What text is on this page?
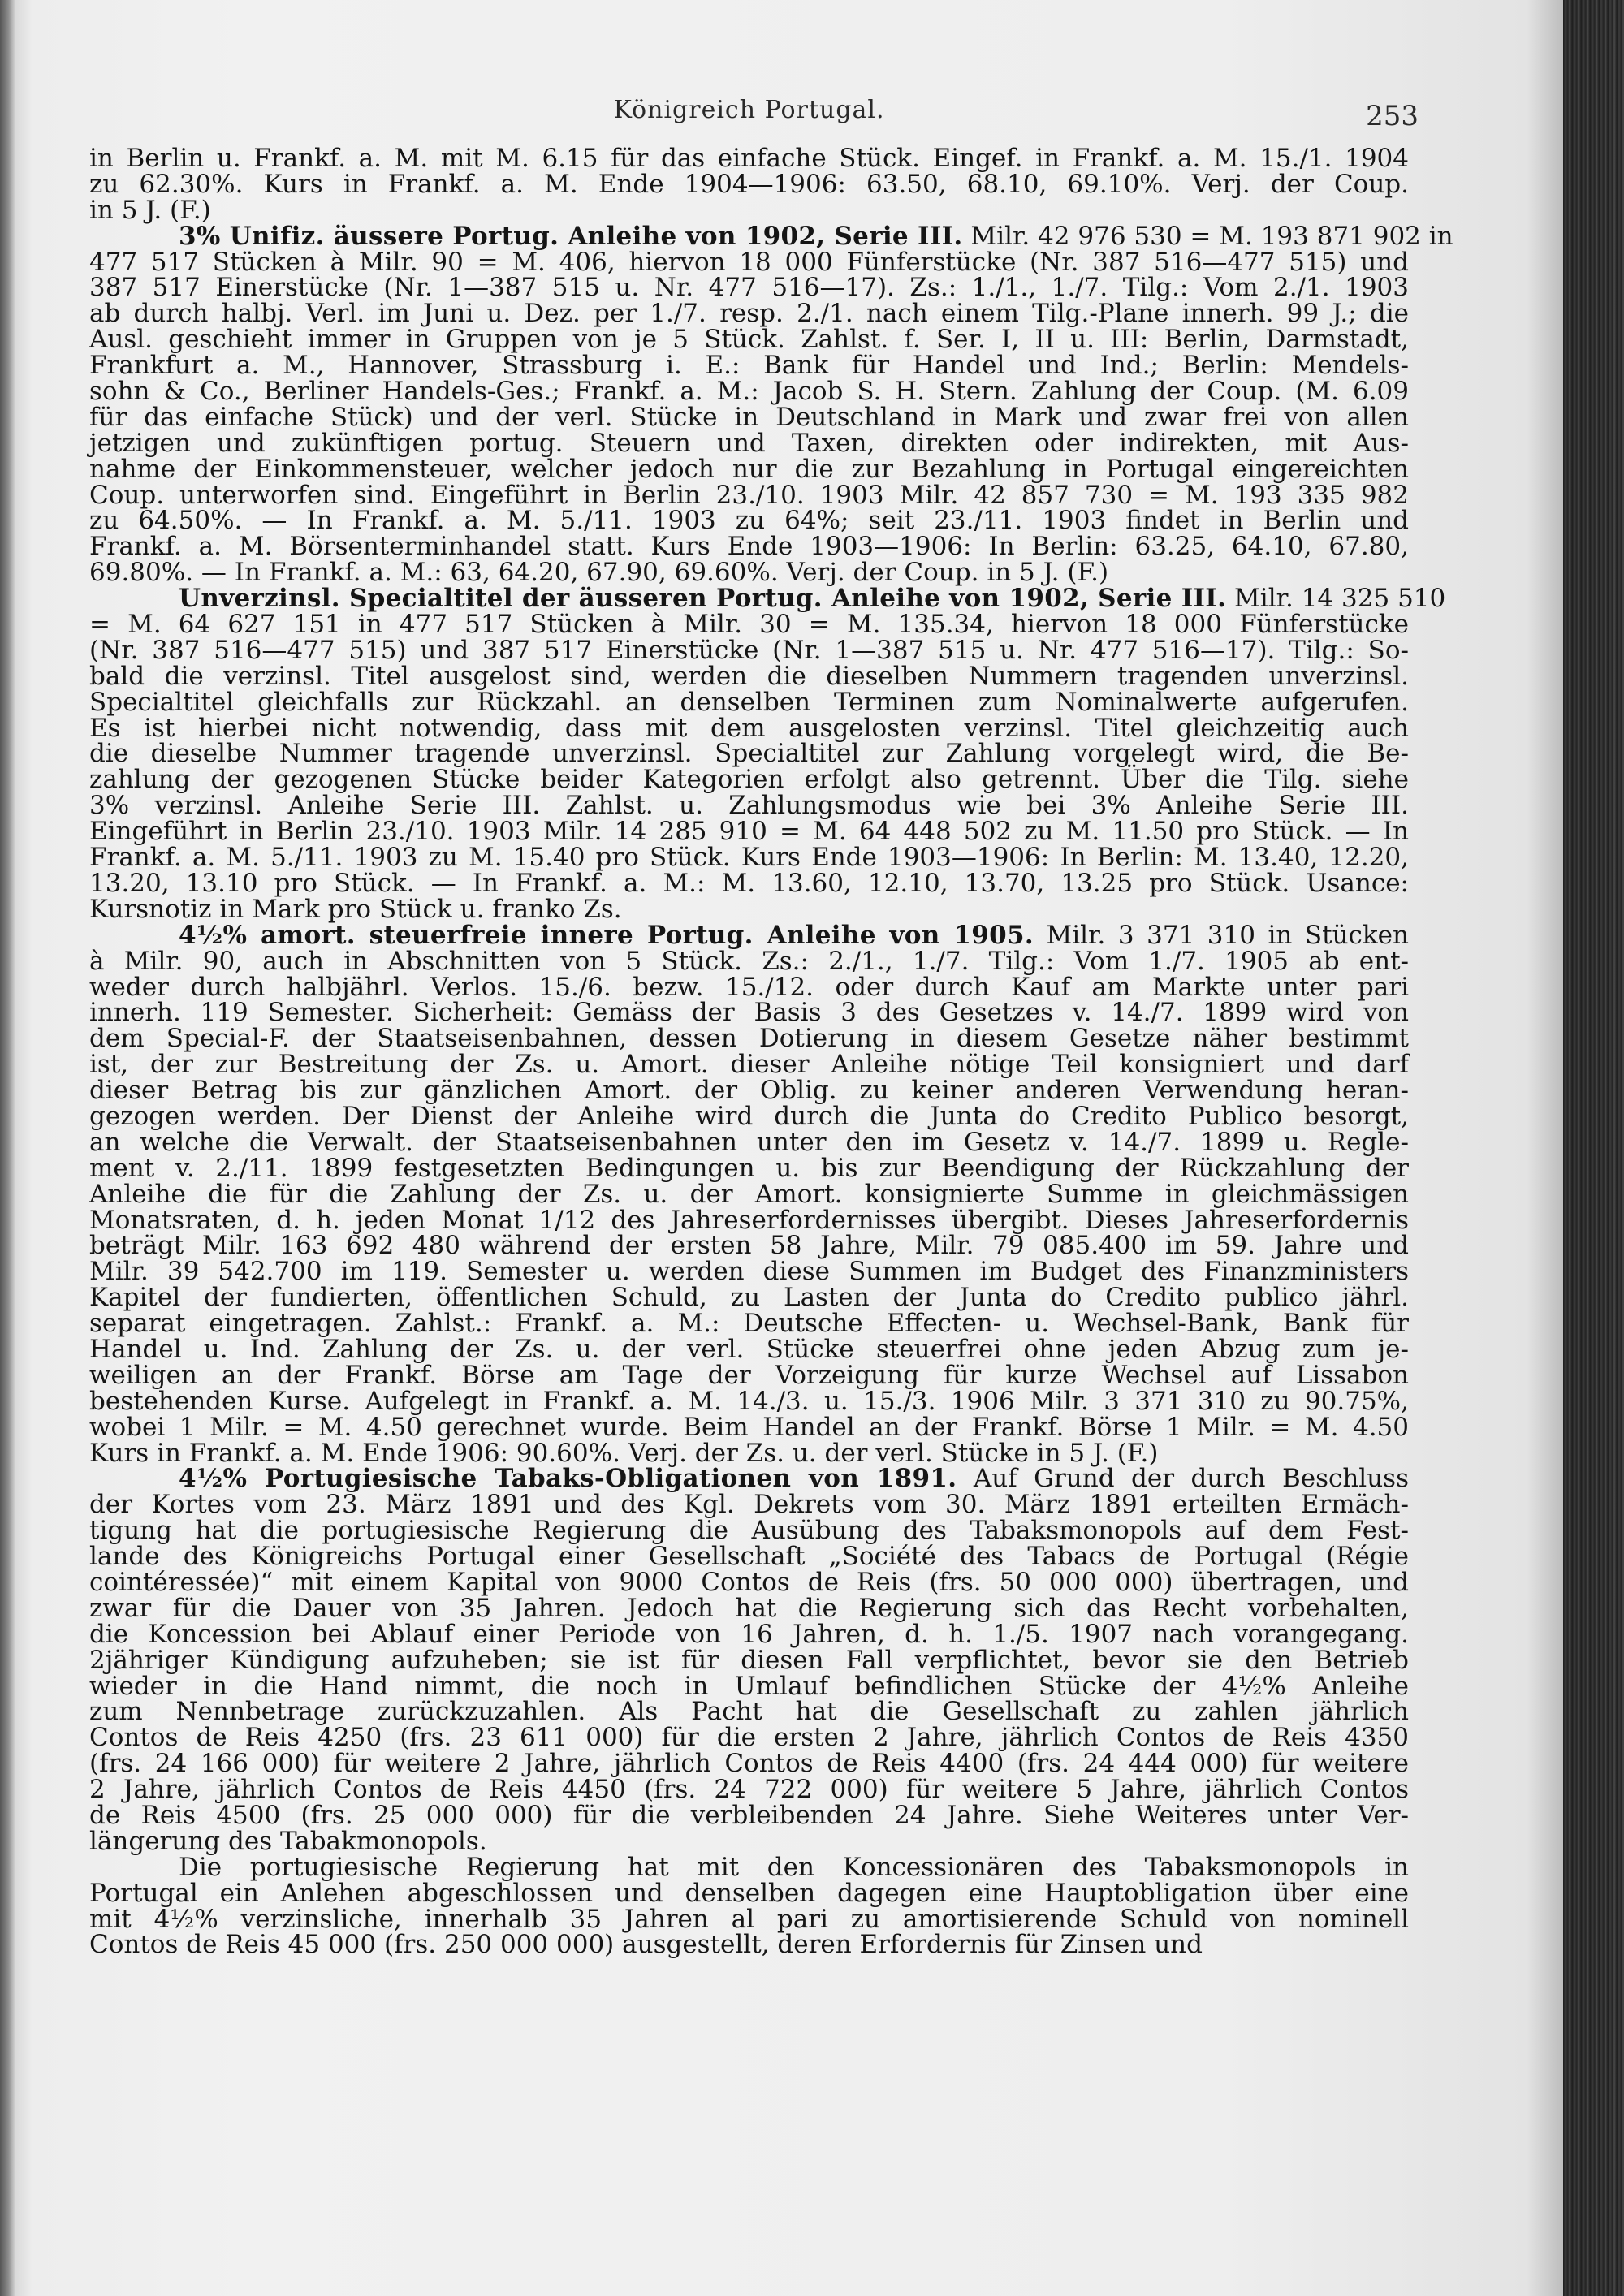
Königreich Portugal.	253
in Berlin u. Frankf. a. M. mit M. 6.15 für das einfache Stück. Eingef. in Frankf. a. M. 15./1. 1904
zu 62.30%. Kurs in Frankf. a. M. Ende 1904—1906: 63.50, 68.10, 69.10%. Verj. der Coup.
in 5 J. (F.)
3% Unifiz. äussere Portug. Anleihe von 1902, Serie III. Milr. 42 976 530 = M. 193 871 902 in
477 517 Stücken à Milr. 90 = M. 406, hiervon 18 000 Fünferstücke (Nr. 387 516—477 515) und
387 517 Einerstücke (Nr. 1—387 515 u. Nr. 477 516—17). Zs.: 1./1., 1./7. Tilg.: Vom 2./1. 1903
ab durch halbj. Verl. im Juni u. Dez. per 1./7. resp. 2./1. nach einem Tilg.-Plane innerh. 99 J.; die
Ausl. geschieht immer in Gruppen von je 5 Stück. Zahlst. f. Ser. I, II u. III: Berlin, Darmstadt,
Frankfurt a. M., Hannover, Strassburg i. E.: Bank für Handel und Ind.; Berlin: Mendels-
sohn & Co., Berliner Handels-Ges.; Frankf. a. M.: Jacob S. H. Stern. Zahlung der Coup. (M. 6.09
für das einfache Stück) und der verl. Stücke in Deutschland in Mark und zwar frei von allen
jetzigen und zukünftigen portug. Steuern und Taxen, direkten oder indirekten, mit Aus-
nahme der Einkommensteuer, welcher jedoch nur die zur Bezahlung in Portugal eingereichten
Coup. unterworfen sind. Eingeführt in Berlin 23./10. 1903 Milr. 42 857 730 = M. 193 335 982
zu 64.50%. — In Frankf. a. M. 5./11. 1903 zu 64%; seit 23./11. 1903 findet in Berlin und
Frankf. a. M. Börsenterminhandel statt. Kurs Ende 1903—1906: In Berlin: 63.25, 64.10, 67.80,
69.80%. — In Frankf. a. M.: 63, 64.20, 67.90, 69.60%. Verj. der Coup. in 5 J. (F.)
Unverzinsl. Specialtitel der äusseren Portug. Anleihe von 1902, Serie III. Milr. 14 325 510
= M. 64 627 151 in 477 517 Stücken à Milr. 30 = M. 135.34, hiervon 18 000 Fünferstücke
(Nr. 387 516—477 515) und 387 517 Einerstücke (Nr. 1—387 515 u. Nr. 477 516—17). Tilg.: So-
bald die verzinsl. Titel ausgelost sind, werden die dieselben Nummern tragenden unverzinsl.
Specialtitel gleichfalls zur Rückzahl. an denselben Terminen zum Nominalwerte aufgerufen.
Es ist hierbei nicht notwendig, dass mit dem ausgelosten verzinsl. Titel gleichzeitig auch
die dieselbe Nummer tragende unverzinsl. Specialtitel zur Zahlung vorgelegt wird, die Be-
zahlung der gezogenen Stücke beider Kategorien erfolgt also getrennt. Über die Tilg. siehe
3% verzinsl. Anleihe Serie III. Zahlst. u. Zahlungsmodus wie bei 3% Anleihe Serie III.
Eingeführt in Berlin 23./10. 1903 Milr. 14 285 910 = M. 64 448 502 zu M. 11.50 pro Stück. — In
Frankf. a. M. 5./11. 1903 zu M. 15.40 pro Stück. Kurs Ende 1903—1906: In Berlin: M. 13.40, 12.20,
13.20, 13.10 pro Stück. — In Frankf. a. M.: M. 13.60, 12.10, 13.70, 13.25 pro Stück. Usance:
Kursnotiz in Mark pro Stück u. franko Zs.
4½% amort. steuerfreie innere Portug. Anleihe von 1905. Milr. 3 371 310 in Stücken
à Milr. 90, auch in Abschnitten von 5 Stück. Zs.: 2./1., 1./7. Tilg.: Vom 1./7. 1905 ab ent-
weder durch halbjährl. Verlos. 15./6. bezw. 15./12. oder durch Kauf am Markte unter pari
innerh. 119 Semester. Sicherheit: Gemäss der Basis 3 des Gesetzes v. 14./7. 1899 wird von
dem Special-F. der Staatseisenbahnen, dessen Dotierung in diesem Gesetze näher bestimmt
ist, der zur Bestreitung der Zs. u. Amort. dieser Anleihe nötige Teil konsigniert und darf
dieser Betrag bis zur gänzlichen Amort. der Oblig. zu keiner anderen Verwendung heran-
gezogen werden. Der Dienst der Anleihe wird durch die Junta do Credito Publico besorgt,
an welche die Verwalt. der Staatseisenbahnen unter den im Gesetz v. 14./7. 1899 u. Regle-
ment v. 2./11. 1899 festgesetzten Bedingungen u. bis zur Beendigung der Rückzahlung der
Anleihe die für die Zahlung der Zs. u. der Amort. konsignierte Summe in gleichmässigen
Monatsraten, d. h. jeden Monat 1/12 des Jahreserfordernisses übergibt. Dieses Jahreserfordernis
beträgt Milr. 163 692 480 während der ersten 58 Jahre, Milr. 79 085.400 im 59. Jahre und
Milr. 39 542.700 im 119. Semester u. werden diese Summen im Budget des Finanzministers
Kapitel der fundierten, öffentlichen Schuld, zu Lasten der Junta do Credito publico jährl.
separat eingetragen. Zahlst.: Frankf. a. M.: Deutsche Effecten- u. Wechsel-Bank, Bank für
Handel u. Ind. Zahlung der Zs. u. der verl. Stücke steuerfrei ohne jeden Abzug zum je-
weiligen an der Frankf. Börse am Tage der Vorzeigung für kurze Wechsel auf Lissabon
bestehenden Kurse. Aufgelegt in Frankf. a. M. 14./3. u. 15./3. 1906 Milr. 3 371 310 zu 90.75%,
wobei 1 Milr. = M. 4.50 gerechnet wurde. Beim Handel an der Frankf. Börse 1 Milr. = M. 4.50
Kurs in Frankf. a. M. Ende 1906: 90.60%. Verj. der Zs. u. der verl. Stücke in 5 J. (F.)
4½% Portugiesische Tabaks-Obligationen von 1891. Auf Grund der durch Beschluss
der Kortes vom 23. März 1891 und des Kgl. Dekrets vom 30. März 1891 erteilten Ermäch-
tigung hat die portugiesische Regierung die Ausübung des Tabaksmonopols auf dem Fest-
lande des Königreichs Portugal einer Gesellschaft „Société des Tabacs de Portugal (Régie
cointéressée)“ mit einem Kapital von 9000 Contos de Reis (frs. 50 000 000) übertragen, und
zwar für die Dauer von 35 Jahren. Jedoch hat die Regierung sich das Recht vorbehalten,
die Koncession bei Ablauf einer Periode von 16 Jahren, d. h. 1./5. 1907 nach vorangegang.
2jähriger Kündigung aufzuheben; sie ist für diesen Fall verpflichtet, bevor sie den Betrieb
wieder in die Hand nimmt, die noch in Umlauf befindlichen Stücke der 4½% Anleihe
zum Nennbetrage zurückzuzahlen. Als Pacht hat die Gesellschaft zu zahlen jährlich
Contos de Reis 4250 (frs. 23 611 000) für die ersten 2 Jahre, jährlich Contos de Reis 4350
(frs. 24 166 000) für weitere 2 Jahre, jährlich Contos de Reis 4400 (frs. 24 444 000) für weitere
2 Jahre, jährlich Contos de Reis 4450 (frs. 24 722 000) für weitere 5 Jahre, jährlich Contos
de Reis 4500 (frs. 25 000 000) für die verbleibenden 24 Jahre. Siehe Weiteres unter Ver-
längerung des Tabakmonopols.
Die portugiesische Regierung hat mit den Koncessionären des Tabaksmonopols in
Portugal ein Anlehen abgeschlossen und denselben dagegen eine Hauptobligation über eine
mit 4½% verzinsliche, innerhalb 35 Jahren al pari zu amortisierende Schuld von nominell
Contos de Reis 45 000 (frs. 250 000 000) ausgestellt, deren Erfordernis für Zinsen und
